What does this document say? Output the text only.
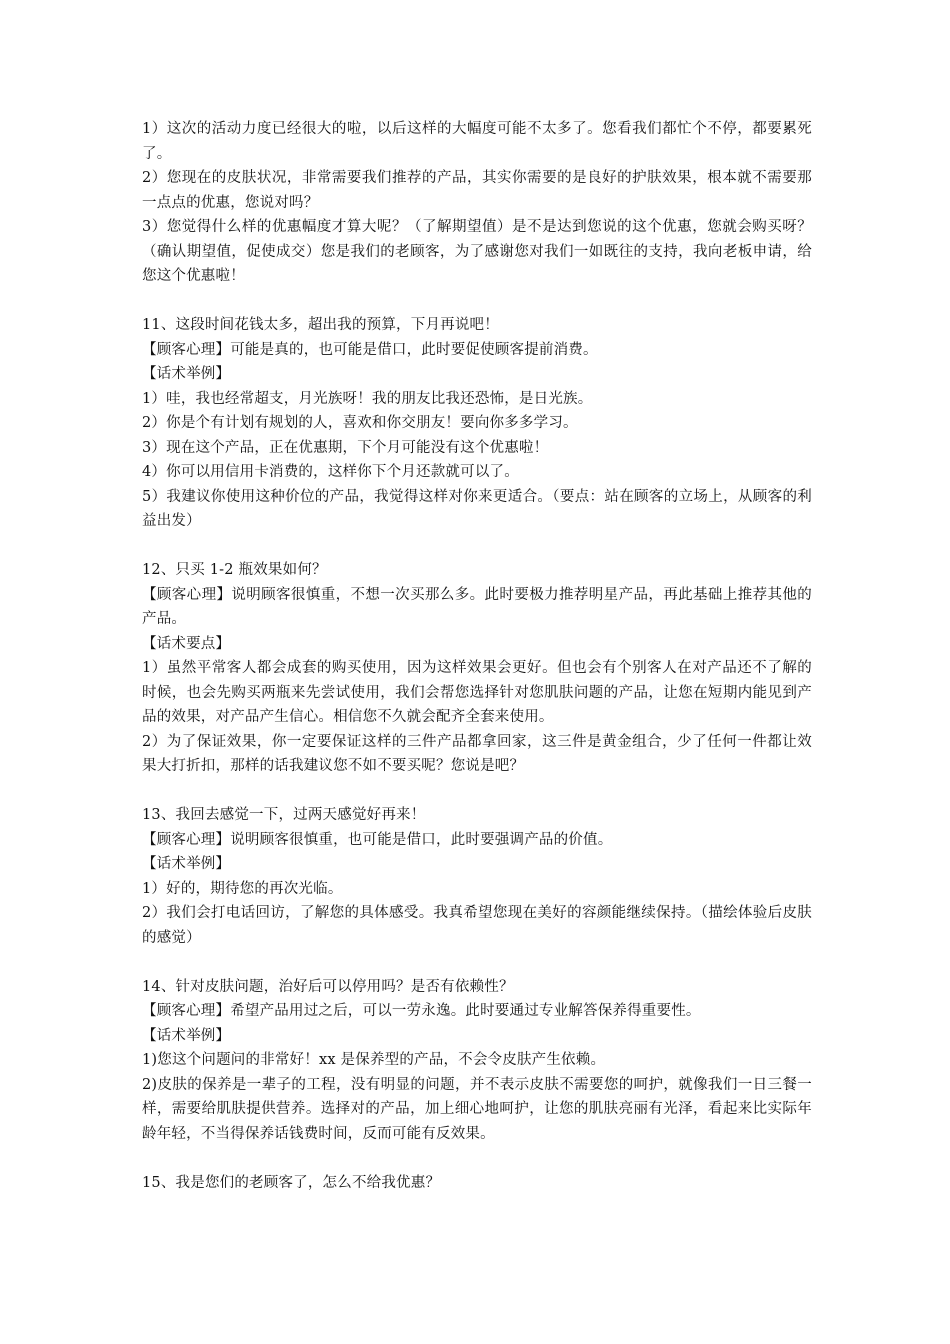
1）这次的活动力度已经很大的啦，以后这样的大幅度可能不太多了。您看我们都忙个不停，都要累死了。

2）您现在的皮肤状况，非常需要我们推荐的产品，其实你需要的是良好的护肤效果，根本就不需要那一点点的优惠，您说对吗？

3）您觉得什么样的优惠幅度才算大呢？（了解期望值）是不是达到您说的这个优惠，您就会购买呀？（确认期望值，促使成交）您是我们的老顾客，为了感谢您对我们一如既往的支持，我向老板申请，给您这个优惠啦！

11、这段时间花钱太多，超出我的预算，下月再说吧！

【顾客心理】可能是真的，也可能是借口，此时要促使顾客提前消费。

【话术举例】

1）哇，我也经常超支，月光族呀！我的朋友比我还恐怖，是日光族。

2）你是个有计划有规划的人，喜欢和你交朋友！要向你多多学习。

3）现在这个产品，正在优惠期，下个月可能没有这个优惠啦！

4）你可以用信用卡消费的，这样你下个月还款就可以了。

5）我建议你使用这种价位的产品，我觉得这样对你来更适合。（要点：站在顾客的立场上，从顾客的利益出发）

12、只买 1-2 瓶效果如何？

【顾客心理】说明顾客很慎重，不想一次买那么多。此时要极力推荐明星产品，再此基础上推荐其他的产品。

【话术要点】

1）虽然平常客人都会成套的购买使用，因为这样效果会更好。但也会有个别客人在对产品还不了解的时候，也会先购买两瓶来先尝试使用，我们会帮您选择针对您肌肤问题的产品，让您在短期内能见到产品的效果，对产品产生信心。相信您不久就会配齐全套来使用。

2）为了保证效果，你一定要保证这样的三件产品都拿回家，这三件是黄金组合，少了任何一件都让效果大打折扣，那样的话我建议您不如不要买呢？您说是吧？

13、我回去感觉一下，过两天感觉好再来！

【顾客心理】说明顾客很慎重，也可能是借口，此时要强调产品的价值。

【话术举例】

1）好的，期待您的再次光临。

2）我们会打电话回访，了解您的具体感受。我真希望您现在美好的容颜能继续保持。（描绘体验后皮肤的感觉）

14、针对皮肤问题，治好后可以停用吗？是否有依赖性？

【顾客心理】希望产品用过之后，可以一劳永逸。此时要通过专业解答保养得重要性。

【话术举例】

1)您这个问题问的非常好！xx 是保养型的产品，不会令皮肤产生依赖。

2)皮肤的保养是一辈子的工程，没有明显的问题，并不表示皮肤不需要您的呵护，就像我们一日三餐一样，需要给肌肤提供营养。选择对的产品，加上细心地呵护，让您的肌肤亮丽有光泽，看起来比实际年龄年轻，不当得保养话钱费时间，反而可能有反效果。

15、我是您们的老顾客了，怎么不给我优惠？
